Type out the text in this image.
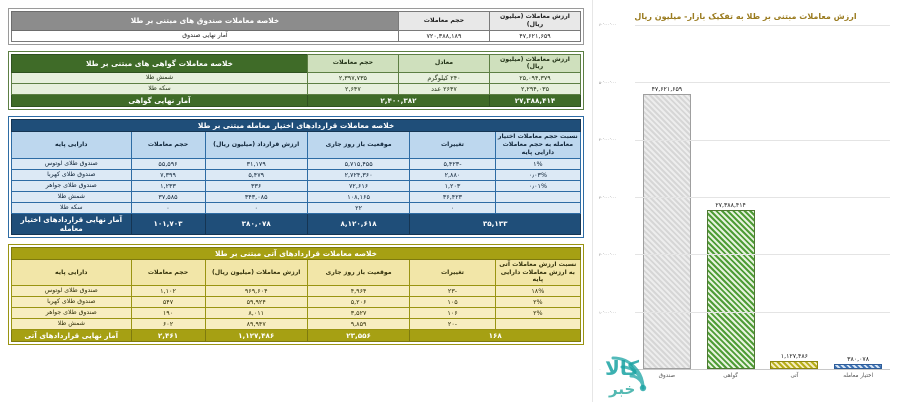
ارزش معاملات (میلیون ریال)	حجم معاملات	خلاصه معاملات صندوق های مبتنی بر طلا
۴۷,۶۲۱,۶۵۹	۷۲۰,۳۸۸,۱۸۹	آمار نهایی صندوق
ارزش معاملات (میلیون ریال)	معادل	حجم معاملات	خلاصه معاملات گواهی های مبتنی بر طلا
۲۵,۰۹۴,۳۷۹	۲۴۰ کیلوگرم	۲,۳۹۷,۷۳۵	شمش طلا
۲,۲۹۴,۰۳۵	۲۶۴۷ عدد	۲,۶۴۷	سکه طلا
۲۷,۳۸۸,۴۱۴	۲,۴۰۰,۳۸۲		آمار نهایی گواهی
خلاصه معاملات قراردادهای اختیار معامله مبتنی بر طلا					
نسبت حجم معاملات اختیار معامله به حجم معاملات دارایی پایه	تغییرات	موقعیت باز روز جاری	ارزش قرارداد (میلیون ریال)	حجم معاملات	دارایی پایه
۱%	-۵,۴۲۳	۵,۷۱۵,۴۵۵	۳۱,۱۷۹	۵۵,۵۹۶	صندوق طلای لوتوس
۰٫۰۳%	۲,۸۸۰	۲,۷۲۴,۳۶۰	۵,۴۷۹	۷,۳۹۹	صندوق طلای کهربا
۰٫۰۱%	۱,۲۰۳	۷۲,۶۱۶	۳۳۶	۱,۲۳۳	صندوق طلای جواهر
	۳۶,۴۲۳	۱۰۸,۱۶۵	۳۴۳,۰۸۵	۳۷,۵۸۵	شمش طلا
	۰	۲۲	۰	۰	سکه طلا
۳۵,۱۳۳		۸,۱۲۰,۶۱۸	۳۸۰,۰۷۸	۱۰۱,۷۰۳	آمار نهایی قراردادهای اختیار معامله
خلاصه معاملات قراردادهای آتی مبتنی بر طلا					
نسبت ارزش معاملات آتی به ارزش معاملات دارایی پایه	تغییرات	موقعیت باز روز جاری	ارزش معاملات (میلیون ریال)	حجم معاملات	دارایی پایه
۱۸%	-۲۳	۴,۹۶۴	۹۶۹,۶۰۴	۱,۱۰۲	صندوق طلای لوتوس
۲%	۱۰۵	۵,۲۰۶	۵۹,۹۲۴	۵۴۷	صندوق طلای کهربا
۲%	۱۰۶	۳,۵۲۷	۸,۰۱۱	۱۹۰	صندوق طلای جواهر
	-۲۰	۹,۸۵۹	۸۹,۹۴۷	۶۰۲	شمش طلا
۱۶۸		۲۳,۵۵۶	۱,۱۲۷,۴۸۶	۲,۴۶۱	آمار نهایی قراردادهای آتی
ارزش معاملات مبتنی بر طلا به تفکیک بازار- میلیون ریال
۰
۱۰٬۰۰۰٬۰۰۰
۲۰٬۰۰۰٬۰۰۰
۳۰٬۰۰۰٬۰۰۰
۴۰٬۰۰۰٬۰۰۰
۵۰٬۰۰۰٬۰۰۰
۶۰٬۰۰۰٬۰۰۰
۴۷,۶۲۱,۶۵۹
۲۷,۳۸۸,۴۱۴
۱,۱۲۷,۴۸۶	۳۸۰,۰۷۸
صندوق	گواهی	آتی	اختیار معامله
کالا
خبر
